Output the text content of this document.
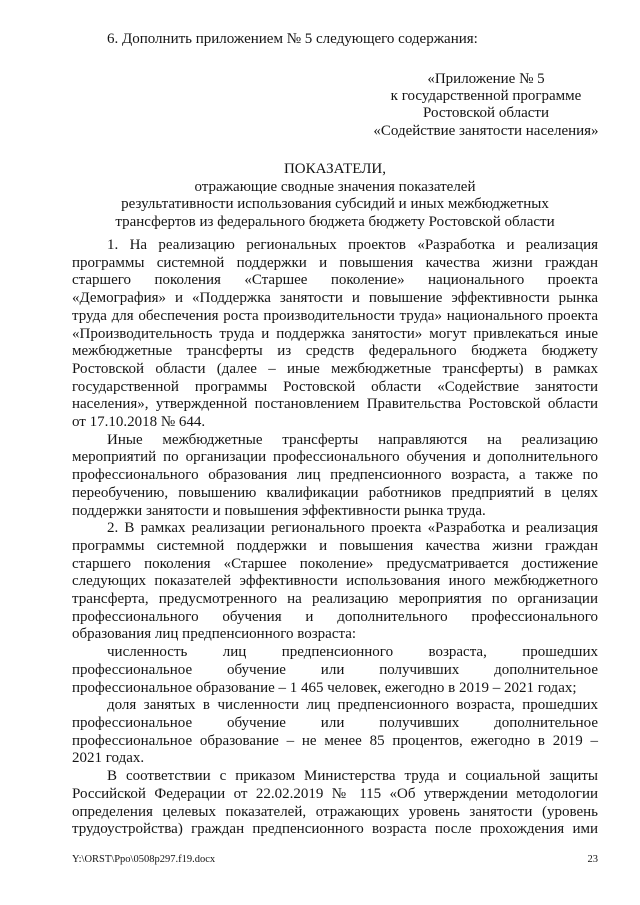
6. Дополнить приложением № 5 следующего содержания:
«Приложение № 5
к государственной программе
Ростовской области
«Содействие занятости населения»
ПОКАЗАТЕЛИ,
отражающие сводные значения показателей
результативности использования субсидий и иных межбюджетных
трансфертов из федерального бюджета бюджету Ростовской области
1. На реализацию региональных проектов «Разработка и реализация
программы системной поддержки и повышения качества жизни граждан
старшего поколения «Старшее поколение» национального проекта
«Демография» и «Поддержка занятости и повышение эффективности рынка
труда для обеспечения роста производительности труда» национального проекта
«Производительность труда и поддержка занятости» могут привлекаться иные
межбюджетные трансферты из средств федерального бюджета бюджету
Ростовской области (далее – иные межбюджетные трансферты) в рамках
государственной программы Ростовской области «Содействие занятости
населения», утвержденной постановлением Правительства Ростовской области
от 17.10.2018 № 644.
Иные межбюджетные трансферты направляются на реализацию
мероприятий по организации профессионального обучения и дополнительного
профессионального образования лиц предпенсионного возраста, а также по
переобучению, повышению квалификации работников предприятий в целях
поддержки занятости и повышения эффективности рынка труда.
2. В рамках реализации регионального проекта «Разработка и реализация
программы системной поддержки и повышения качества жизни граждан
старшего поколения «Старшее поколение» предусматривается достижение
следующих показателей эффективности использования иного межбюджетного
трансферта, предусмотренного на реализацию мероприятия по организации
профессионального обучения и дополнительного профессионального
образования лиц предпенсионного возраста:
численность лиц предпенсионного возраста, прошедших
профессиональное обучение или получивших дополнительное
профессиональное образование – 1 465 человек, ежегодно в 2019 – 2021 годах;
доля занятых в численности лиц предпенсионного возраста, прошедших
профессиональное обучение или получивших дополнительное
профессиональное образование – не менее 85 процентов, ежегодно в 2019 –
2021 годах.
В соответствии с приказом Министерства труда и социальной защиты
Российской Федерации от 22.02.2019 № 115 «Об утверждении методологии
определения целевых показателей, отражающих уровень занятости (уровень
трудоустройства) граждан предпенсионного возраста после прохождения ими
Y:\ORST\Ppo\0508p297.f19.docx	23
